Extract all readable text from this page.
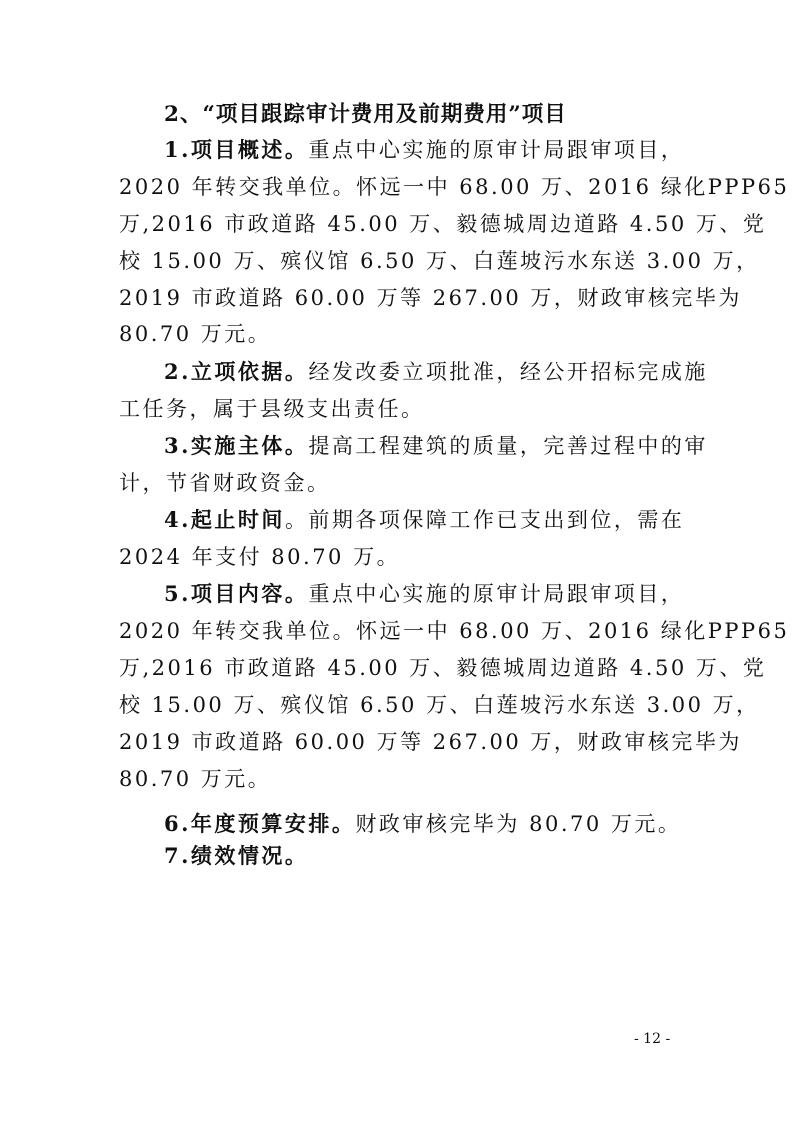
2、“项目跟踪审计费用及前期费用”项目
1.项目概述。重点中心实施的原审计局跟审项目，
2020 年转交我单位。怀远一中 68.00 万、2016 绿化PPP65
万,2016 市政道路 45.00 万、毅德城周边道路 4.50 万、党
校 15.00 万、殡仪馆 6.50 万、白莲坡污水东送 3.00 万，
2019 市政道路 60.00 万等 267.00 万，财政审核完毕为
80.70 万元。
2.立项依据。经发改委立项批准，经公开招标完成施
工任务，属于县级支出责任。
3.实施主体。提高工程建筑的质量，完善过程中的审
计，节省财政资金。
4.起止时间。前期各项保障工作已支出到位，需在
2024 年支付 80.70 万。
5.项目内容。重点中心实施的原审计局跟审项目，
2020 年转交我单位。怀远一中 68.00 万、2016 绿化PPP65
万,2016 市政道路 45.00 万、毅德城周边道路 4.50 万、党
校 15.00 万、殡仪馆 6.50 万、白莲坡污水东送 3.00 万，
2019 市政道路 60.00 万等 267.00 万，财政审核完毕为
80.70 万元。
6.年度预算安排。财政审核完毕为 80.70 万元。
7.绩效情况。
- 12 -
